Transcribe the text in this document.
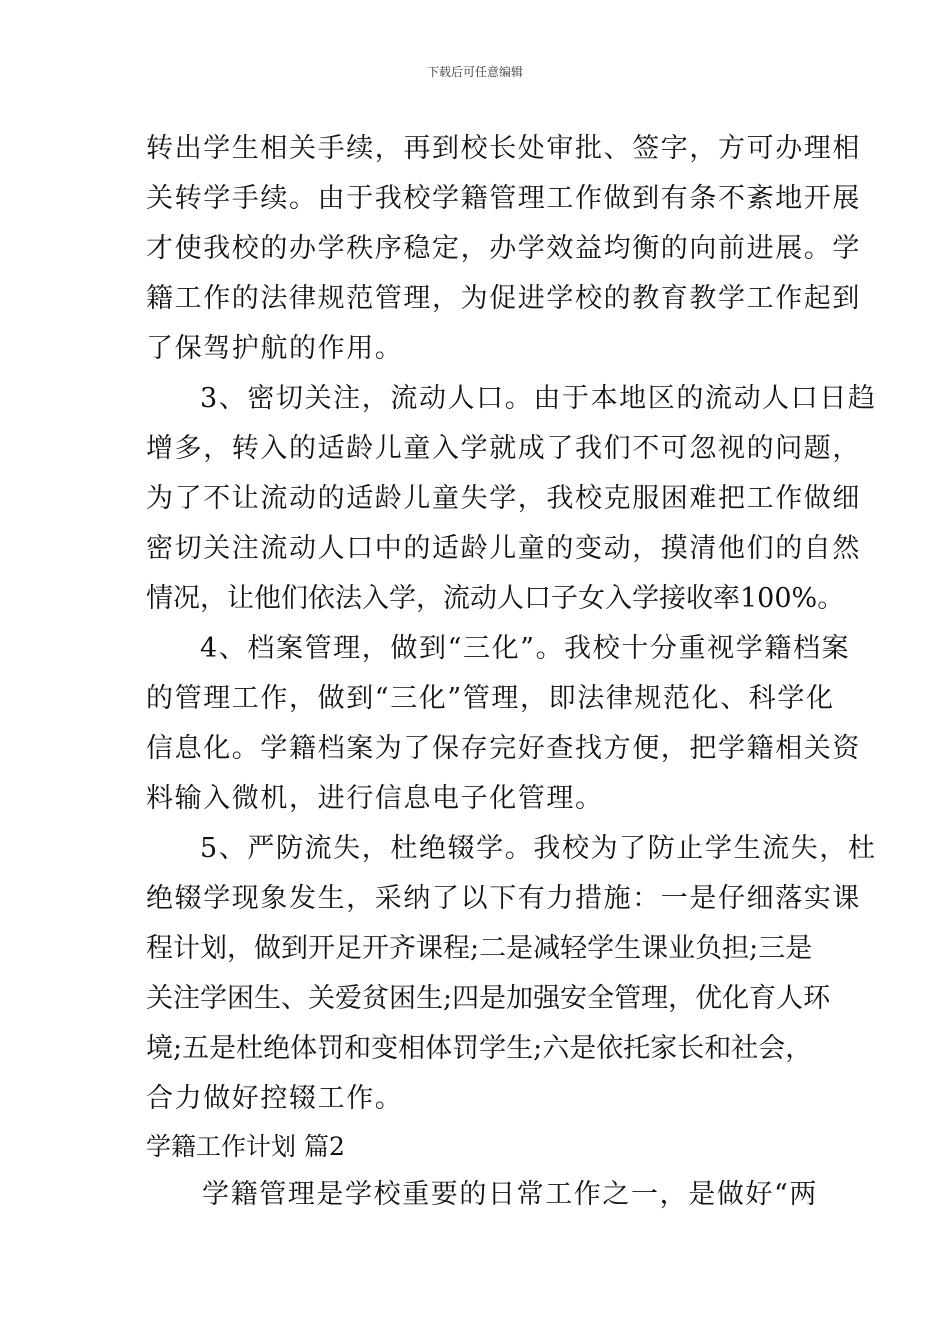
下载后可任意编辑
转出学生相关手续，再到校长处审批、签字，方可办理相
关转学手续。由于我校学籍管理工作做到有条不紊地开展
才使我校的办学秩序稳定，办学效益均衡的向前进展。学
籍工作的法律规范管理，为促进学校的教育教学工作起到
了保驾护航的作用。
3、密切关注，流动人口。由于本地区的流动人口日趋
增多，转入的适龄儿童入学就成了我们不可忽视的问题，
为了不让流动的适龄儿童失学，我校克服困难把工作做细
密切关注流动人口中的适龄儿童的变动，摸清他们的自然
情况，让他们依法入学，流动人口子女入学接收率100%。
4、档案管理，做到“三化”。我校十分重视学籍档案
的管理工作，做到“三化”管理，即法律规范化、科学化
信息化。学籍档案为了保存完好查找方便，把学籍相关资
料输入微机，进行信息电子化管理。
5、严防流失，杜绝辍学。我校为了防止学生流失，杜
绝辍学现象发生，采纳了以下有力措施：一是仔细落实课
程计划，做到开足开齐课程;二是减轻学生课业负担;三是
关注学困生、关爱贫困生;四是加强安全管理，优化育人环
境;五是杜绝体罚和变相体罚学生;六是依托家长和社会，
合力做好控辍工作。
学籍工作计划 篇2
学籍管理是学校重要的日常工作之一，是做好“两
